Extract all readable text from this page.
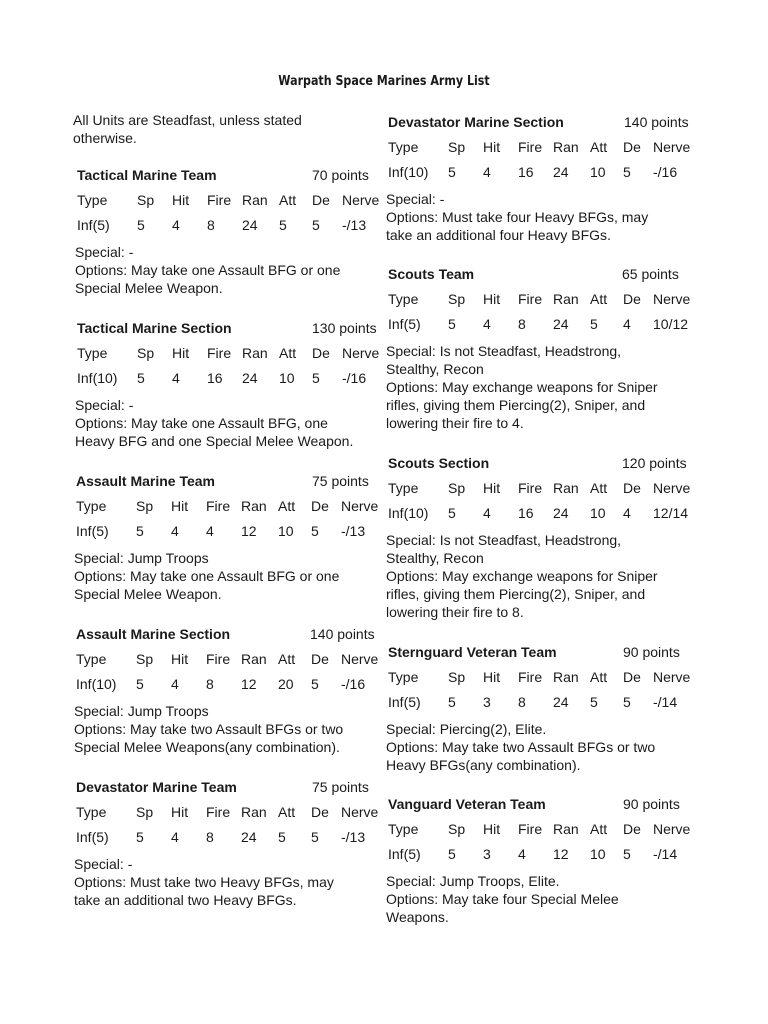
Warpath Space Marines Army List
All Units are Steadfast, unless stated
otherwise.
Tactical Marine Team	70 points
Type Sp Hit Fire Ran Att De Nerve
Inf(5) 5 4 8 24 5 5 -/13
Special: -
Options: May take one Assault BFG or one
Special Melee Weapon.
Tactical Marine Section	130 points
Type Sp Hit Fire Ran Att De Nerve
Inf(10) 5 4 16 24 10 5 -/16
Special: -
Options: May take one Assault BFG, one
Heavy BFG and one Special Melee Weapon.
Assault Marine Team	75 points
Type Sp Hit Fire Ran Att De Nerve
Inf(5) 5 4 4 12 10 5 -/13
Special: Jump Troops
Options: May take one Assault BFG or one
Special Melee Weapon.
Assault Marine Section	140 points
Type Sp Hit Fire Ran Att De Nerve
Inf(10) 5 4 8 12 20 5 -/16
Special: Jump Troops
Options: May take two Assault BFGs or two
Special Melee Weapons(any combination).
Devastator Marine Team	75 points
Type Sp Hit Fire Ran Att De Nerve
Inf(5) 5 4 8 24 5 5 -/13
Special: -
Options: Must take two Heavy BFGs, may
take an additional two Heavy BFGs.
Devastator Marine Section	140 points
Type Sp Hit Fire Ran Att De Nerve
Inf(10) 5 4 16 24 10 5 -/16
Special: -
Options: Must take four Heavy BFGs, may
take an additional four Heavy BFGs.
Scouts Team	65 points
Type Sp Hit Fire Ran Att De Nerve
Inf(5) 5 4 8 24 5 4 10/12
Special: Is not Steadfast, Headstrong,
Stealthy, Recon
Options: May exchange weapons for Sniper
rifles, giving them Piercing(2), Sniper, and
lowering their fire to 4.
Scouts Section	120 points
Type Sp Hit Fire Ran Att De Nerve
Inf(10) 5 4 16 24 10 4 12/14
Special: Is not Steadfast, Headstrong,
Stealthy, Recon
Options: May exchange weapons for Sniper
rifles, giving them Piercing(2), Sniper, and
lowering their fire to 8.
Sternguard Veteran Team	90 points
Type Sp Hit Fire Ran Att De Nerve
Inf(5) 5 3 8 24 5 5 -/14
Special: Piercing(2), Elite.
Options: May take two Assault BFGs or two
Heavy BFGs(any combination).
Vanguard Veteran Team	90 points
Type Sp Hit Fire Ran Att De Nerve
Inf(5) 5 3 4 12 10 5 -/14
Special: Jump Troops, Elite.
Options: May take four Special Melee
Weapons.
